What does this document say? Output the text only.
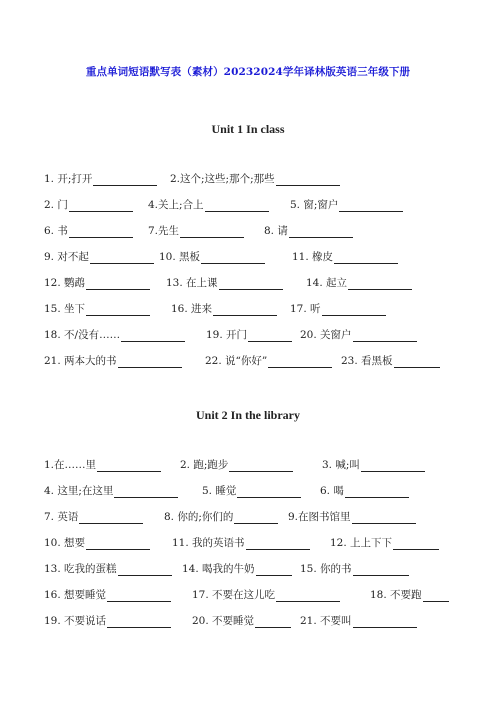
重点单词短语默写表（素材）20232024学年译林版英语三年级下册
Unit 1 In class
1. 开;打开	2.这个;这些;那个;那些
2. 门	4.关上;合上	5. 窗;窗户
6. 书	7.先生	8. 请
9. 对不起	10. 黑板	11. 橡皮
12. 鹦鹉	13. 在上课	14. 起立
15. 坐下	16. 进来	17. 听
18. 不/没有……	19. 开门	20. 关窗户
21. 两本大的书	22. 说“你好”	23. 看黑板
Unit 2 In the library
1.在……里	2. 跑;跑步	3. 喊;叫
4. 这里;在这里	5. 睡觉	6. 喝
7. 英语	8. 你的;你们的	9.在图书馆里
10. 想要	11. 我的英语书	12. 上上下下
13. 吃我的蛋糕	14. 喝我的牛奶	15. 你的书
16. 想要睡觉	17. 不要在这儿吃	18. 不要跑
19. 不要说话	20. 不要睡觉	21. 不要叫
